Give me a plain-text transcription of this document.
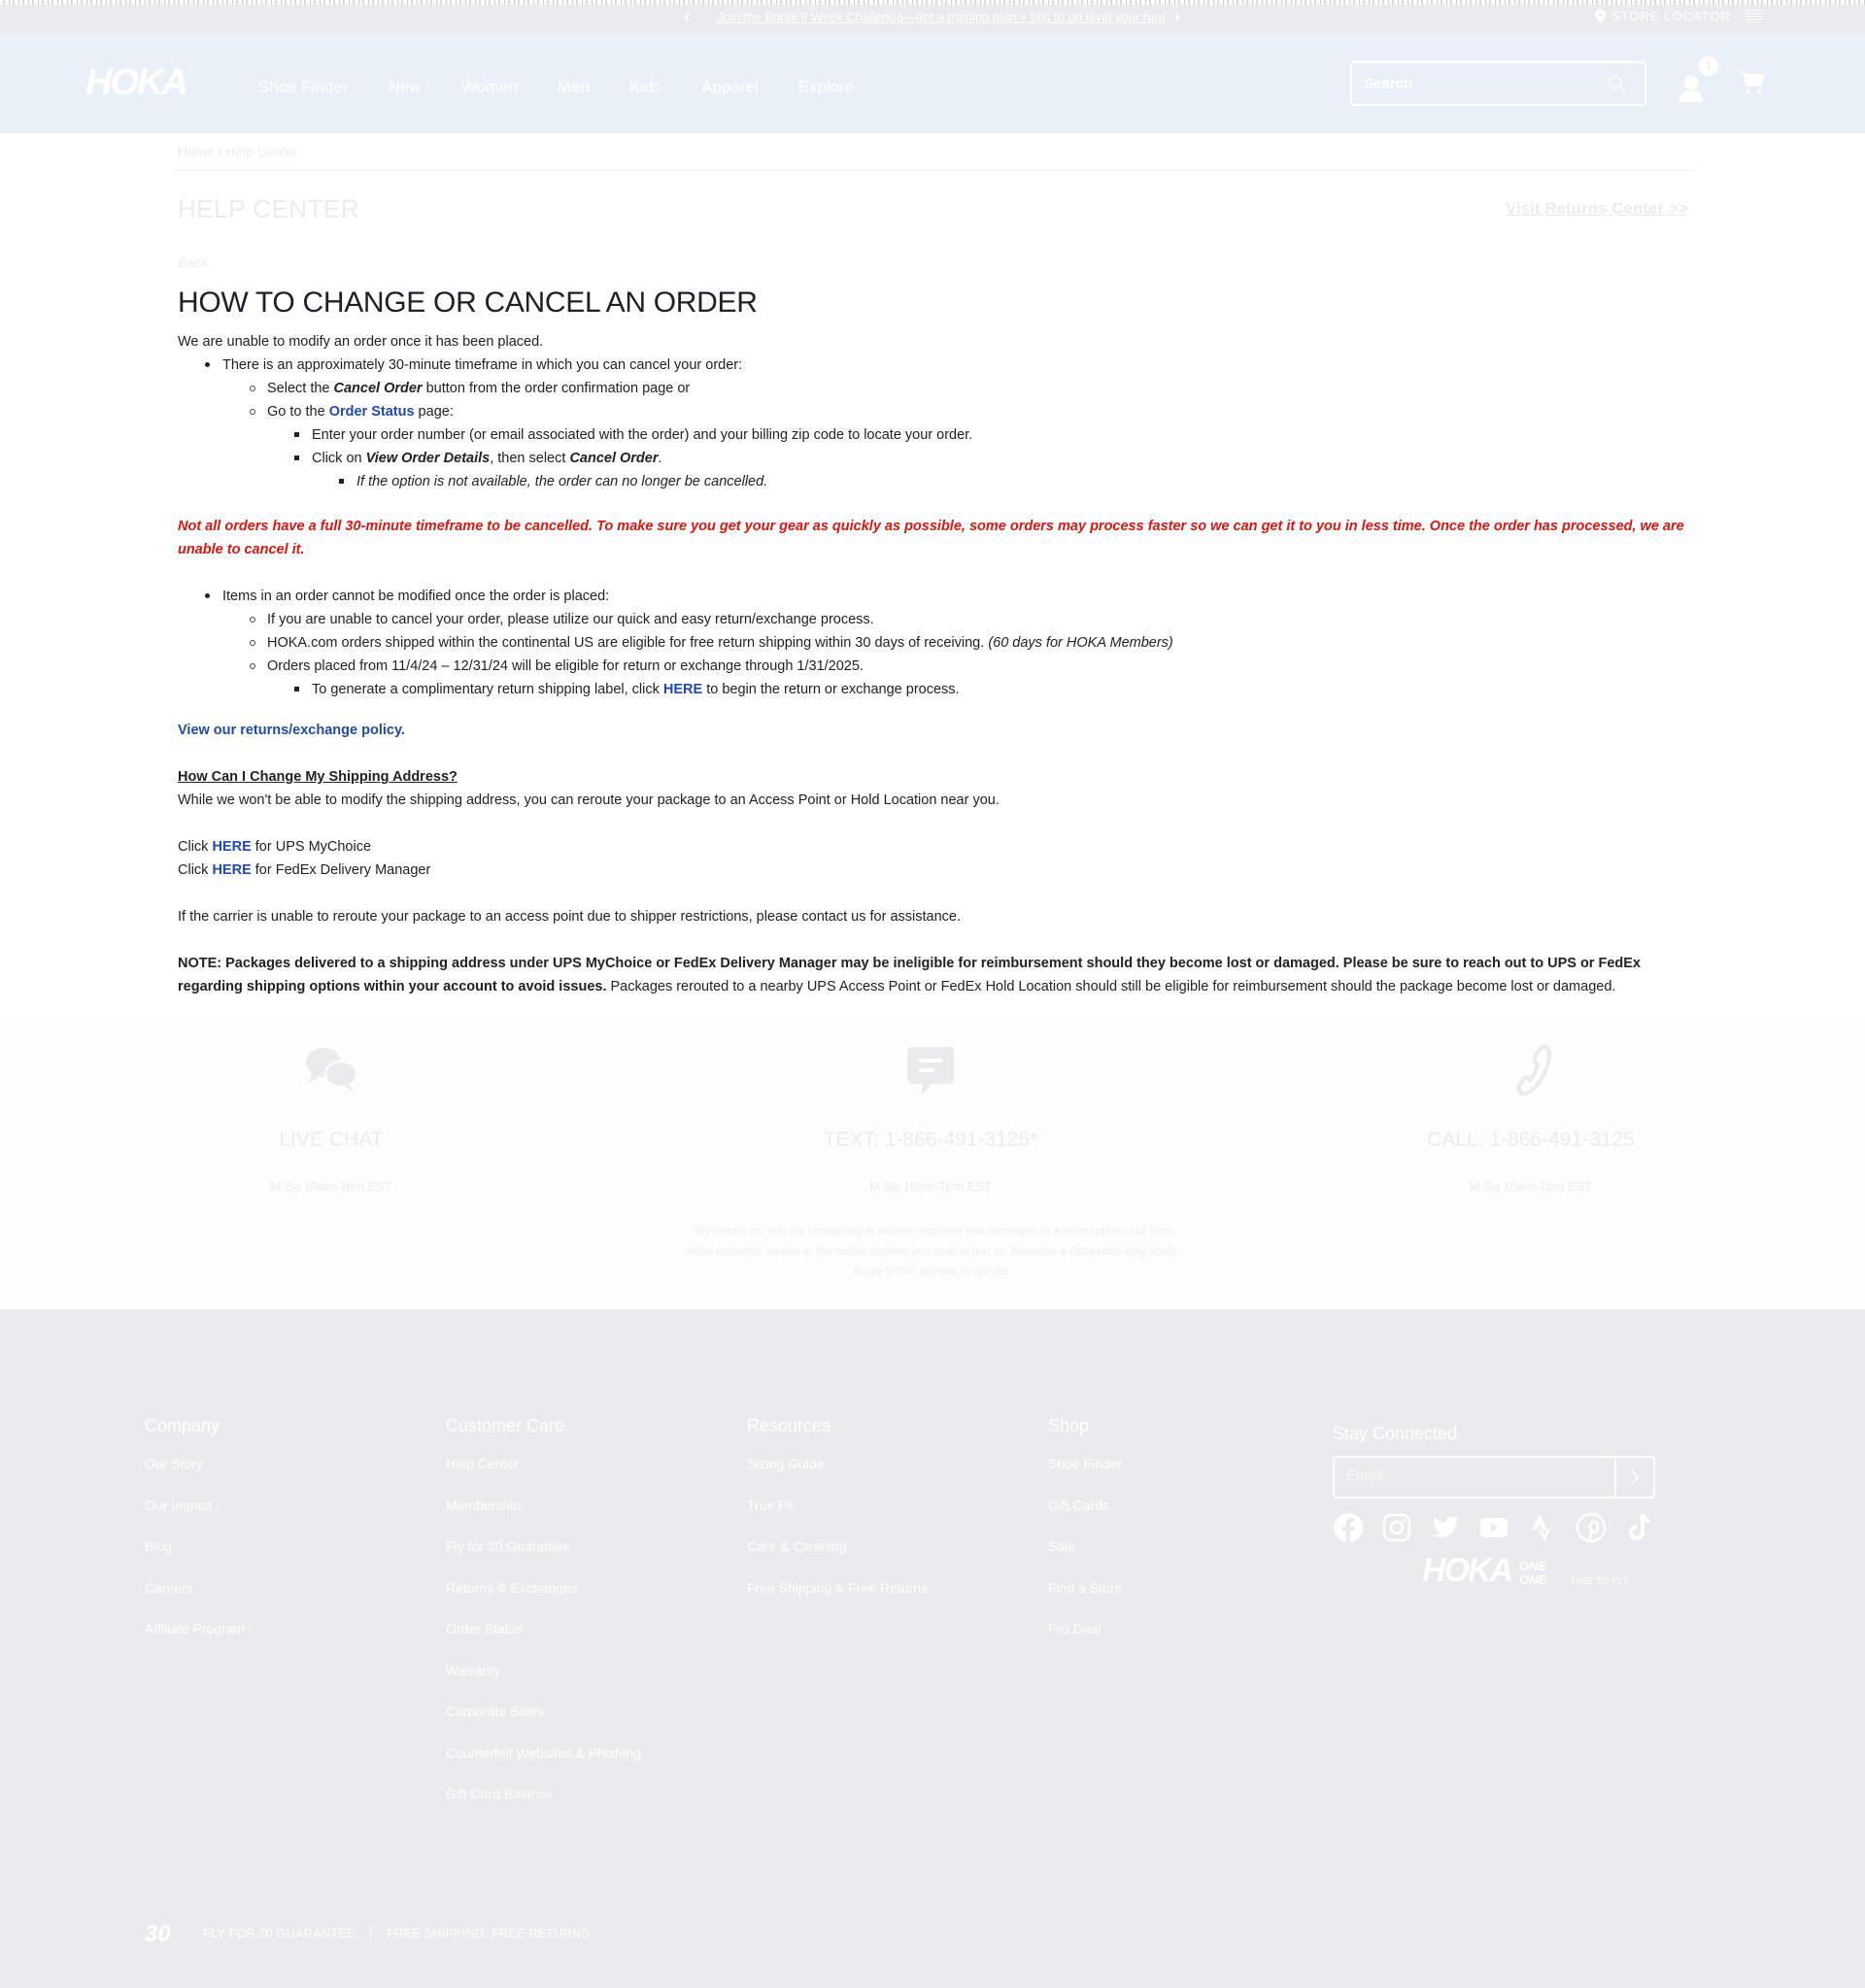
‹	Join the Bondi 9 Week Challenge—get a training plan + tips to up level your run! ›	STORE LOCATOR
HOKA	Shoe Finder New Women Men Kids Apparel Explore
Search
1
Home / Help Center
HELP CENTER	Visit Returns Center >>
Back
HOW TO CHANGE OR CANCEL AN ORDER

We are unable to modify an order once it has been placed.

There is an approximately 30-minute timeframe in which you can cancel your order:
Select the Cancel Order button from the order confirmation page or
Go to the Order Status page:
Enter your order number (or email associated with the order) and your billing zip code to locate your order.
Click on View Order Details, then select Cancel Order.
If the option is not available, the order can no longer be cancelled.

Not all orders have a full 30-minute timeframe to be cancelled. To make sure you get your gear as quickly as possible, some orders may process faster so we can get it to you in less time. Once the order has processed, we are unable to cancel it.

Items in an order cannot be modified once the order is placed:
If you are unable to cancel your order, please utilize our quick and easy return/exchange process.
HOKA.com orders shipped within the continental US are eligible for free return shipping within 30 days of receiving. (60 days for HOKA Members)
Orders placed from 11/4/24 – 12/31/24 will be eligible for return or exchange through 1/31/2025.
To generate a complimentary return shipping label, click HERE to begin the return or exchange process.
View our returns/exchange policy.

How Can I Change My Shipping Address?

While we won't be able to modify the shipping address, you can reroute your package to an Access Point or Hold Location near you.

Click HERE for UPS MyChoice

Click HERE for FedEx Delivery Manager

If the carrier is unable to reroute your package to an access point due to shipper restrictions, please contact us for assistance.

NOTE: Packages delivered to a shipping address under UPS MyChoice or FedEx Delivery Manager may be ineligible for reimbursement should they become lost or damaged. Please be sure to reach out to UPS or FedEx regarding shipping options within your account to avoid issues. Packages rerouted to a nearby UPS Access Point or FedEx Hold Location should still be eligible for reimbursement should the package become lost or damaged.

LIVE CHAT
M-Sa 10am-7pm EST
TEXT: 1-866-491-3125*
M-Sa 10am-7pm EST
CALL: 1-866-491-3125
M-Sa 10am-7pm EST
*By texting us, you are consenting to receive response text messages or a return phone call from Hoka customer service at the mobile number you used to text us. Message & Data rates may apply. Reply STOP anytime to opt-out.
Company
Our Story
Our Impact
Blog
Careers
Affiliate Program
Customer Care
Help Center
Membership
Fly for 30 Guarantee
Returns & Exchanges
Order Status
Warranty
Corporate Sales
Counterfeit Websites & Phishing
Gift Card Balance
Resources
Sizing Guide
True Fit
Care & Cleaning
Free Shipping & Free Returns
Shop
Shoe Finder
Gift Cards
Sale
Find a Store
Pro Deal
Stay Connected
Email
HOKA ONE ONE	TIME TO FLY
30	FLY FOR 30 GUARANTEE	FREE SHIPPING, FREE RETURNS
